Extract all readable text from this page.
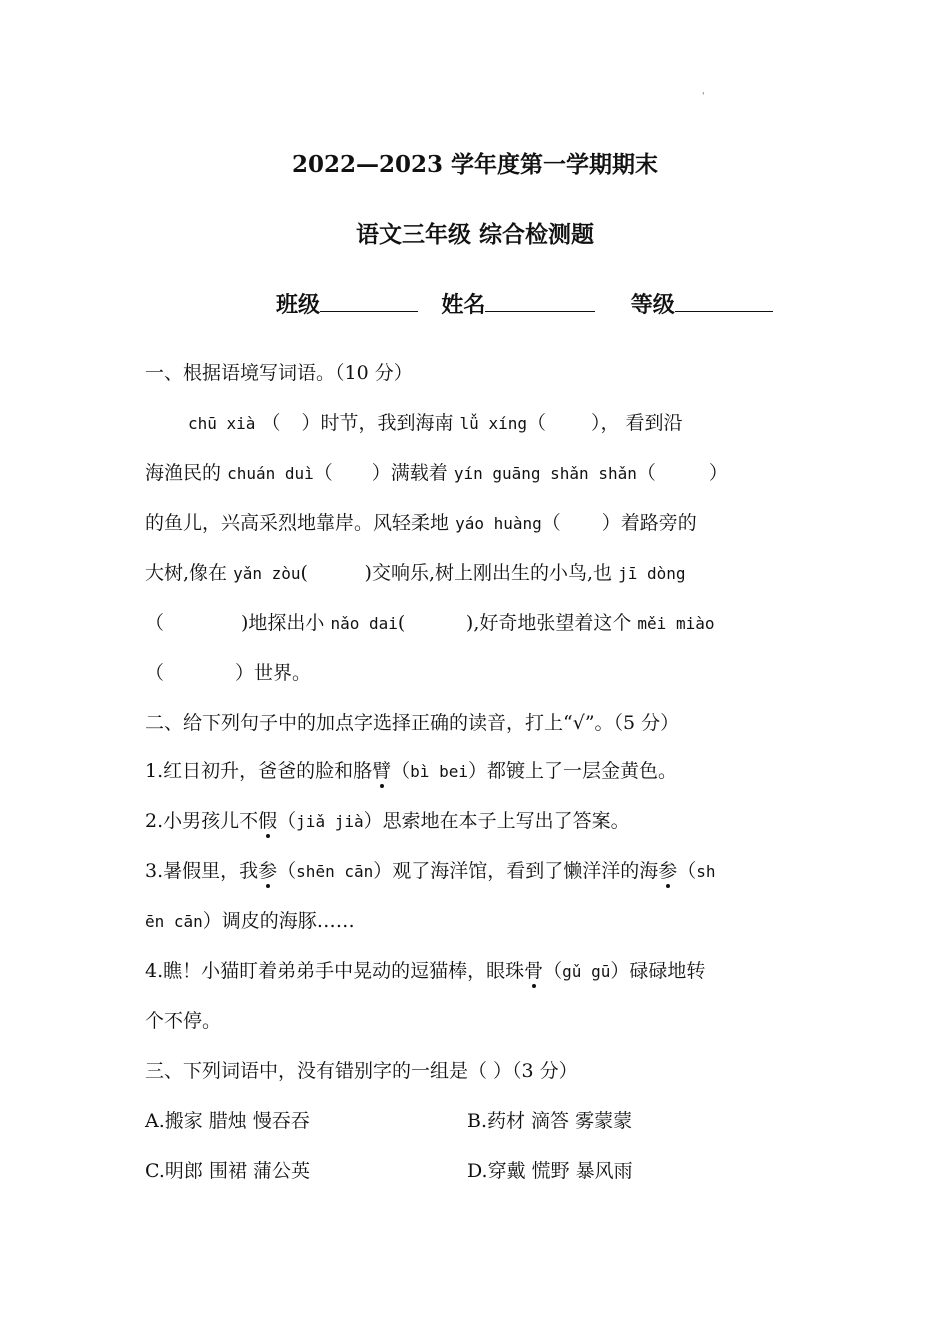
'
2022—2023 学年度第一学期期末
语文三年级 综合检测题
班级	姓名	等级
一、根据语境写词语。（10 分）
chū xià （ ）时节，我到海南 lǚ xíng（ ）， 看到沿
海渔民的 chuán duì（ ）满载着 yín guāng shǎn shǎn（	）
的鱼儿，兴高采烈地靠岸。风轻柔地 yáo huàng（ ）着路旁的
大树,像在 yǎn zòu(	)交响乐,树上刚出生的小鸟,也 jī dòng
（	)地探出小 nǎo dai(	),好奇地张望着这个 měi miào
（	）世界。
二、给下列句子中的加点字选择正确的读音，打上“√”。（5 分）
1.红日初升，爸爸的脸和胳臂（bì bei）都镀上了一层金黄色。
2.小男孩儿不假（jiǎ jià）思索地在本子上写出了答案。
3.暑假里，我参（shēn cān）观了海洋馆，看到了懒洋洋的海参（sh
ēn cān）调皮的海豚……
4.瞧！小猫盯着弟弟手中晃动的逗猫棒，眼珠骨（gǔ gū）碌碌地转
个不停。
三、下列词语中，没有错别字的一组是（ ）（3 分）
A.搬家 腊烛 慢吞吞	B.药材 滴答 雾蒙蒙
C.明郎 围裙 蒲公英	D.穿戴 慌野 暴风雨
